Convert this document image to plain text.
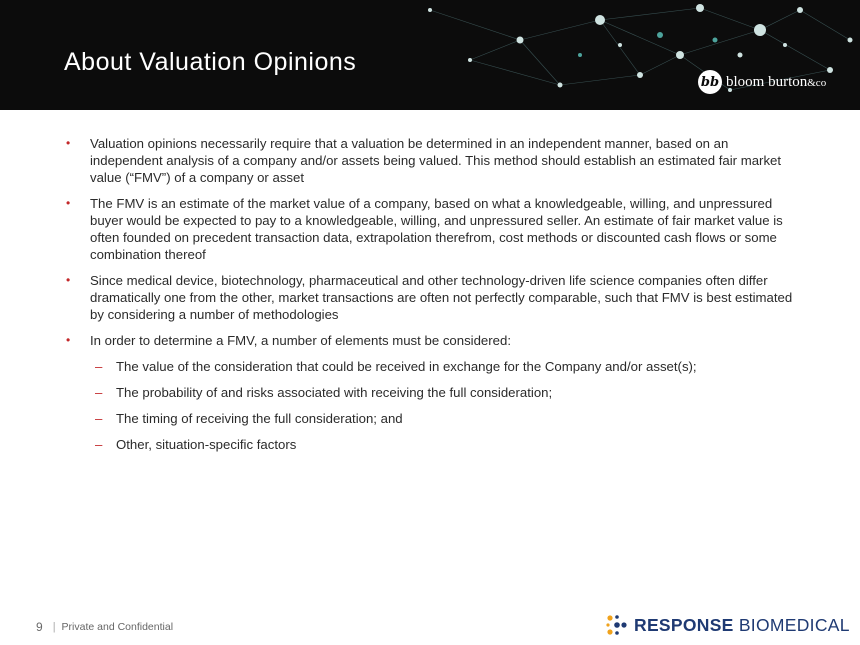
About Valuation Opinions
bb bloom burton&co
• Valuation opinions necessarily require that a valuation be determined in an independent manner, based on an independent analysis of a company and/or assets being valued. This method should establish an estimated fair market value (“FMV”) of a company or asset
• The FMV is an estimate of the market value of a company, based on what a knowledgeable, willing, and unpressured buyer would be expected to pay to a knowledgeable, willing, and unpressured seller. An estimate of fair market value is often founded on precedent transaction data, extrapolation therefrom, cost methods or discounted cash flows or some combination thereof
• Since medical device, biotechnology, pharmaceutical and other technology-driven life science companies often differ dramatically one from the other, market transactions are often not perfectly comparable, such that FMV is best estimated by considering a number of methodologies
• In order to determine a FMV, a number of elements must be considered:
– The value of the consideration that could be received in exchange for the Company and/or asset(s);
– The probability of and risks associated with receiving the full consideration;
– The timing of receiving the full consideration; and
– Other, situation-specific factors
9 | Private and Confidential	RESPONSE BIOMEDICAL
